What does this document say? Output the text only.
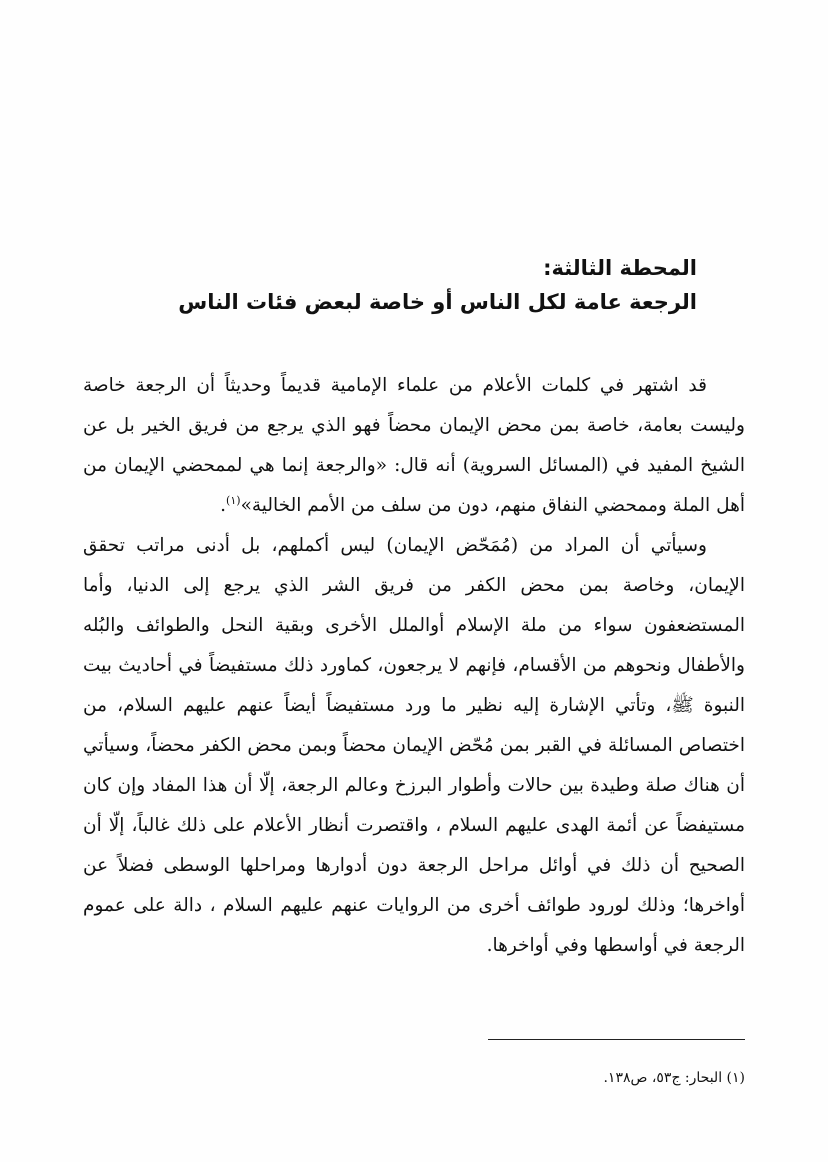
المحطة الثالثة:
الرجعة عامة لكل الناس أو خاصة لبعض فئات الناس

قد اشتهر في كلمات الأعلام من علماء الإمامية قديماً وحديثاً أن الرجعة خاصة وليست بعامة، خاصة بمن محض الإيمان محضاً فهو الذي يرجع من فريق الخير بل عن الشيخ المفيد في (المسائل السروية) أنه قال: «والرجعة إنما هي لممحضي الإيمان من أهل الملة وممحضي النفاق منهم، دون من سلف من الأمم الخالية»$^{(١)}$.

وسيأتي أن المراد من (مُمَحّض الإيمان) ليس أكملهم، بل أدنى مراتب تحقق الإيمان، وخاصة بمن محض الكفر من فريق الشر الذي يرجع إلى الدنيا، وأما المستضعفون سواء من ملة الإسلام أوالملل الأخرى وبقية النحل والطوائف والبُله والأطفال ونحوهم من الأقسام، فإنهم لا يرجعون، كماورد ذلك مستفيضاً في أحاديث بيت النبوة ﷺ، وتأتي الإشارة إليه نظير ما ورد مستفيضاً أيضاً عنهم عليهم السلام، من اختصاص المسائلة في القبر بمن مُحّض الإيمان محضاً وبمن محض الكفر محضاً، وسيأتي أن هناك صلة وطيدة بين حالات وأطوار البرزخ وعالم الرجعة، إلّا أن هذا المفاد وإن كان مستيفضاً عن أئمة الهدى عليهم السلام ، واقتصرت أنظار الأعلام على ذلك غالباً، إلّا أن الصحيح أن ذلك في أوائل مراحل الرجعة دون أدوارها ومراحلها الوسطى فضلاً عن أواخرها؛ وذلك لورود طوائف أخرى من الروايات عنهم عليهم السلام ، دالة على عموم الرجعة في أواسطها وفي أواخرها.

(١) البحار: ج٥٣، ص١٣٨.
